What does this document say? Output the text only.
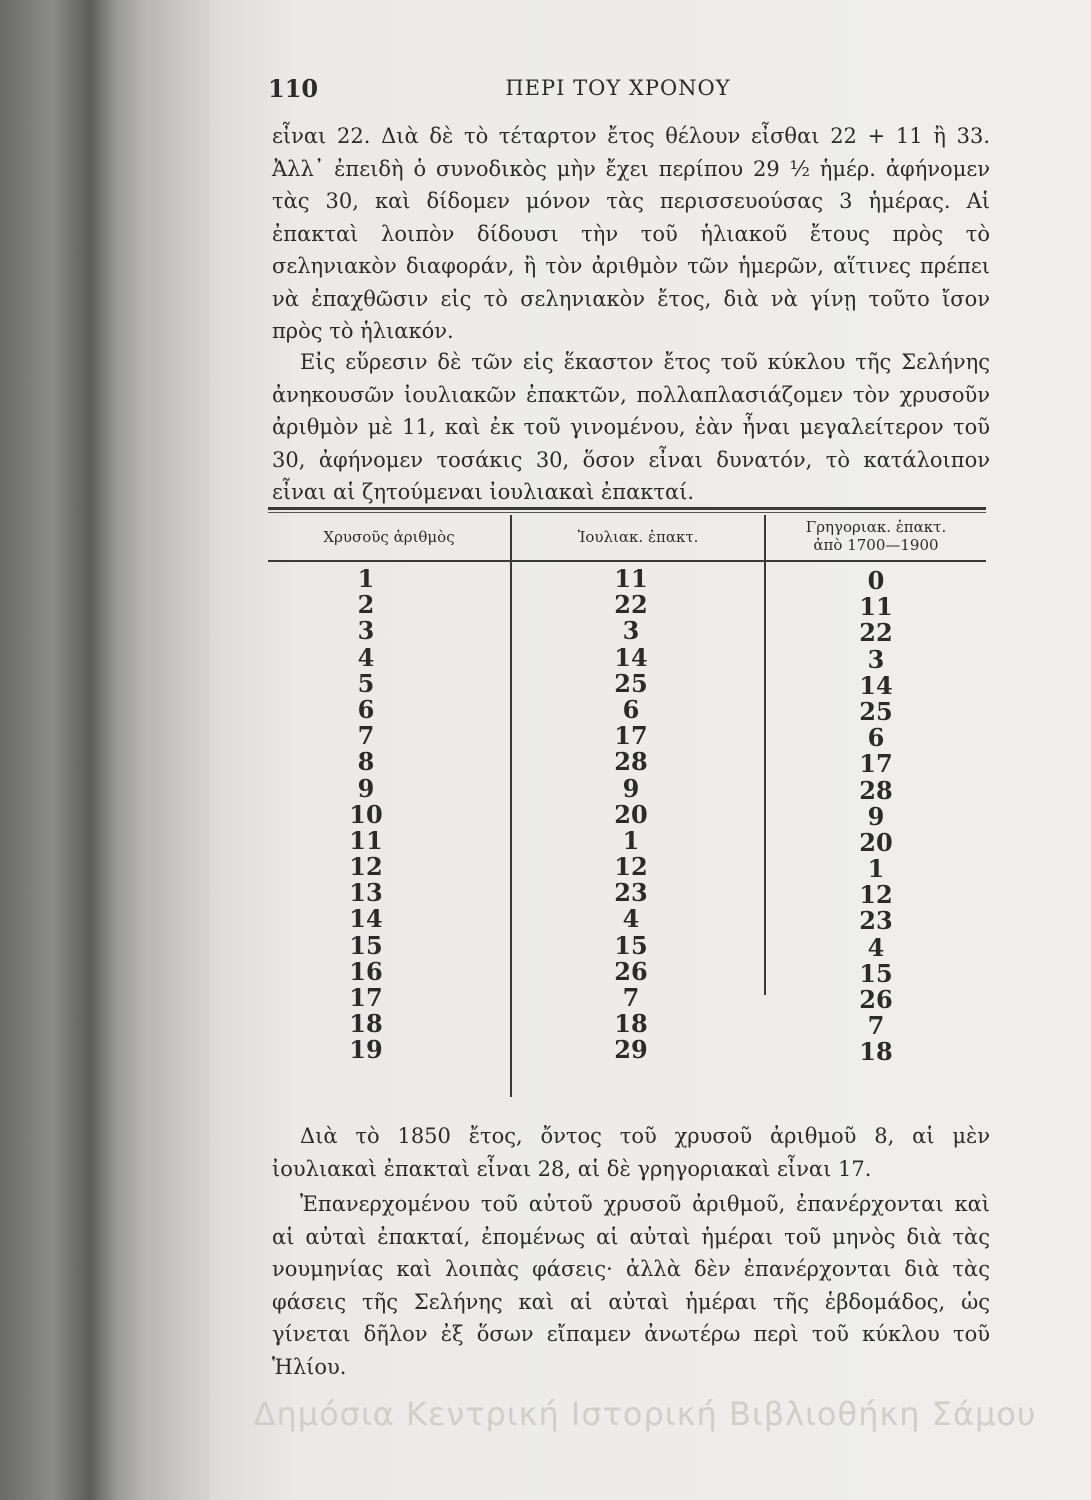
110	ΠΕΡΙ ΤΟΥ ΧΡΟΝΟΥ

εἶναι 22. Διὰ δὲ τὸ τέταρτον ἔτος θέλουν εἶσθαι 22 + 11 ἢ 33. Ἀλλ᾽ ἐπειδὴ ὁ συνοδικὸς μὴν ἔχει περίπου 29 ½ ἡμέρ. ἀφήνομεν τὰς 30, καὶ δίδομεν μόνον τὰς περισσευούσας 3 ἡμέρας. Αἱ ἐπακταὶ λοιπὸν δίδουσι τὴν τοῦ ἡλιακοῦ ἔτους πρὸς τὸ σεληνιακὸν διαφοράν, ἢ τὸν ἀριθμὸν τῶν ἡμερῶν, αἵτινες πρέπει νὰ ἐπαχθῶσιν εἰς τὸ σεληνιακὸν ἔτος, διὰ νὰ γίνῃ τοῦτο ἴσον πρὸς τὸ ἡλιακόν.

Εἰς εὕρεσιν δὲ τῶν εἰς ἕκαστον ἔτος τοῦ κύκλου τῆς Σελήνης ἀνηκουσῶν ἰουλιακῶν ἐπακτῶν, πολλαπλασιάζομεν τὸν χρυσοῦν ἀριθμὸν μὲ 11, καὶ ἐκ τοῦ γινομένου, ἐὰν ἦναι μεγαλείτερον τοῦ 30, ἀφήνομεν τοσάκις 30, ὅσον εἶναι δυνατόν, τὸ κατάλοιπον εἶναι αἱ ζητούμεναι ἰουλιακαὶ ἐπακταί.

Χρυσοῦς ἀριθμὸς	Ἰουλιακ. ἐπακτ.
Γρηγοριακ. ἐπακτ.
ἀπὸ 1700—1900
1
2
3
4
5
6
7
8
9
10
11
12
13
14
15
16
17
18
19
11
22
3
14
25
6
17
28
9
20
1
12
23
4
15
26
7
18
29
0
11
22
3
14
25
6
17
28
9
20
1
12
23
4
15
26
7
18

Διὰ τὸ 1850 ἔτος, ὄντος τοῦ χρυσοῦ ἀριθμοῦ 8, αἱ μὲν ἰουλιακαὶ ἐπακταὶ εἶναι 28, αἱ δὲ γρηγοριακαὶ εἶναι 17.

Ἐπανερχομένου τοῦ αὐτοῦ χρυσοῦ ἀριθμοῦ, ἐπανέρχονται καὶ αἱ αὐταὶ ἐπακταί, ἐπομένως αἱ αὐταὶ ἡμέραι τοῦ μηνὸς διὰ τὰς νουμηνίας καὶ λοιπὰς φάσεις· ἀλλὰ δὲν ἐπανέρχονται διὰ τὰς φάσεις τῆς Σελήνης καὶ αἱ αὐταὶ ἡμέραι τῆς ἑβδομάδος, ὡς γίνεται δῆλον ἐξ ὅσων εἴπαμεν ἀνωτέρω περὶ τοῦ κύκλου τοῦ Ἡλίου.

Δημόσια Κεντρική Ιστορική Βιβλιοθήκη Σάμου
